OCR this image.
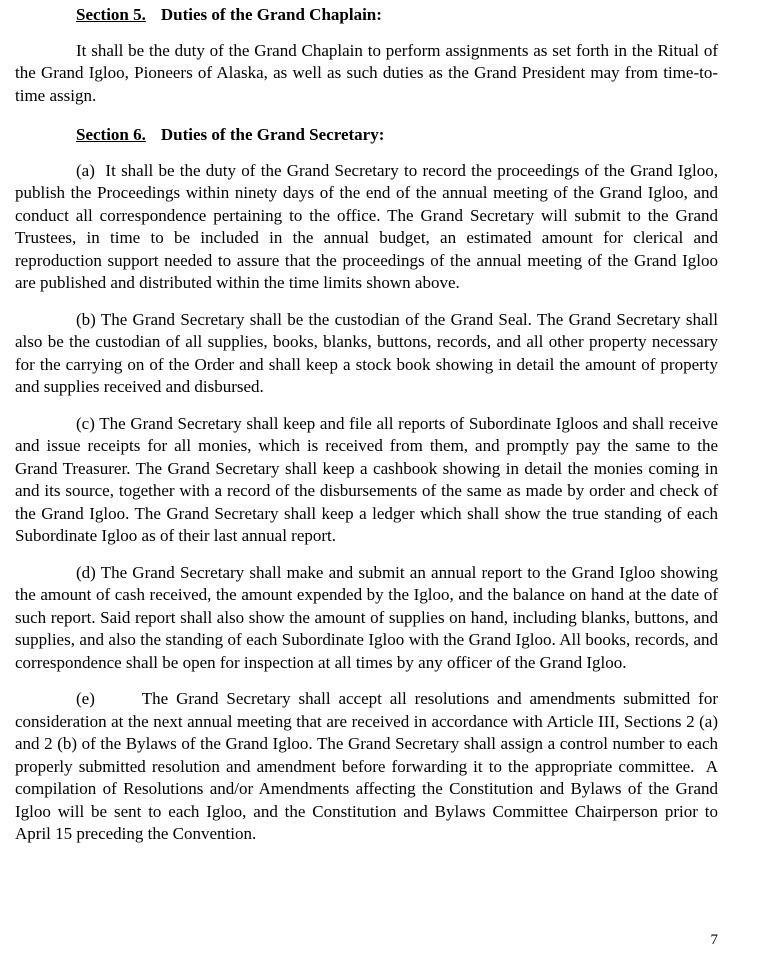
Section 5. Duties of the Grand Chaplain:

It shall be the duty of the Grand Chaplain to perform assignments as set forth in the Ritual of the Grand Igloo, Pioneers of Alaska, as well as such duties as the Grand President may from time-to-time assign.

Section 6. Duties of the Grand Secretary:

(a)  It shall be the duty of the Grand Secretary to record the proceedings of the Grand Igloo, publish the Proceedings within ninety days of the end of the annual meeting of the Grand Igloo, and conduct all correspondence pertaining to the office. The Grand Secretary will submit to the Grand Trustees, in time to be included in the annual budget, an estimated amount for clerical and reproduction support needed to assure that the proceedings of the annual meeting of the Grand Igloo are published and distributed within the time limits shown above.

(b) The Grand Secretary shall be the custodian of the Grand Seal. The Grand Secretary shall also be the custodian of all supplies, books, blanks, buttons, records, and all other property necessary for the carrying on of the Order and shall keep a stock book showing in detail the amount of property and supplies received and disbursed.

(c) The Grand Secretary shall keep and file all reports of Subordinate Igloos and shall receive and issue receipts for all monies, which is received from them, and promptly pay the same to the Grand Treasurer. The Grand Secretary shall keep a cashbook showing in detail the monies coming in and its source, together with a record of the disbursements of the same as made by order and check of the Grand Igloo. The Grand Secretary shall keep a ledger which shall show the true standing of each Subordinate Igloo as of their last annual report.

(d) The Grand Secretary shall make and submit an annual report to the Grand Igloo showing the amount of cash received, the amount expended by the Igloo, and the balance on hand at the date of such report. Said report shall also show the amount of supplies on hand, including blanks, buttons, and supplies, and also the standing of each Subordinate Igloo with the Grand Igloo. All books, records, and correspondence shall be open for inspection at all times by any officer of the Grand Igloo.

(e)      The Grand Secretary shall accept all resolutions and amendments submitted for consideration at the next annual meeting that are received in accordance with Article III, Sections 2 (a) and 2 (b) of the Bylaws of the Grand Igloo. The Grand Secretary shall assign a control number to each properly submitted resolution and amendment before forwarding it to the appropriate committee.  A compilation of Resolutions and/or Amendments affecting the Constitution and Bylaws of the Grand Igloo will be sent to each Igloo, and the Constitution and Bylaws Committee Chairperson prior to April 15 preceding the Convention.

7
